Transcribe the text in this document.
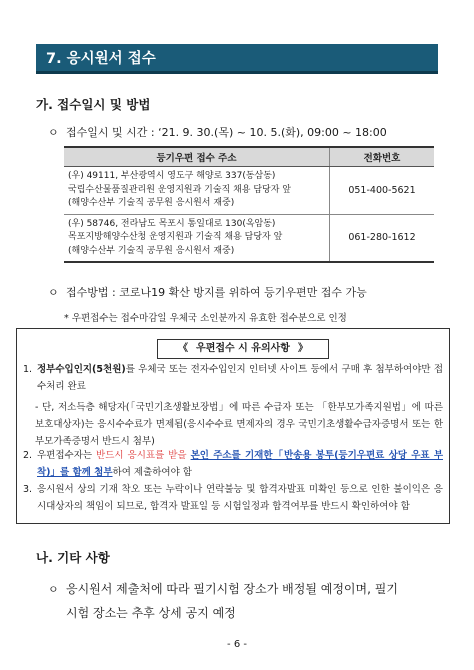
7. 응시원서 접수
가. 접수일시 및 방법
ㅇ 접수일시 및 시간 : ‘21. 9. 30.(목) ~ 10. 5.(화), 09:00 ~ 18:00
등기우편 접수 주소	전화번호

(우) 49111, 부산광역시 영도구 해양로 337(동삼동)
국립수산물품질관리원 운영지원과 기술직 채용 담당자 앞
(해양수산부 기술직 공무원 응시원서 재중)	051-400-5621

(우) 58746, 전라남도 목포시 통일대로 130(옥암동)
목포지방해양수산청 운영지원과 기술직 채용 담당자 앞
(해양수산부 기술직 공무원 응시원서 재중)	061-280-1612
ㅇ 접수방법 : 코로나19 확산 방지를 위하여 등기우편만 접수 가능
* 우편접수는 접수마감일 우체국 소인분까지 유효한 접수분으로 인정
《 우편접수 시 유의사항 》
1. 정부수입인지(5천원)를 우체국 또는 전자수입인지 인터넷 사이트 등에서 구매 후 첨부하여야만 접수처리 완료
- 단, 저소득층 해당자(「국민기초생활보장법」에 따른 수급자 또는 「한부모가족지원법」에 따른 보호대상자)는 응시수수료가 면제됨(응시수수료 면제자의 경우 국민기초생활수급자증명서 또는 한부모가족증명서 반드시 첨부)
2. 우편접수자는 반드시 응시표를 받을 본인 주소를 기재한「반송용 봉투(등기우편료 상당 우표 부착)」를 함께 첨부하여 제출하여야 함
3. 응시원서 상의 기재 착오 또는 누락이나 연락불능 및 합격자발표 미확인 등으로 인한 불이익은 응시대상자의 책임이 되므로, 합격자 발표일 등 시험일정과 합격여부를 반드시 확인하여야 함
나. 기타 사항
ㅇ 응시원서 제출처에 따라 필기시험 장소가 배정될 예정이며, 필기
시험 장소는 추후 상세 공지 예정
- 6 -
